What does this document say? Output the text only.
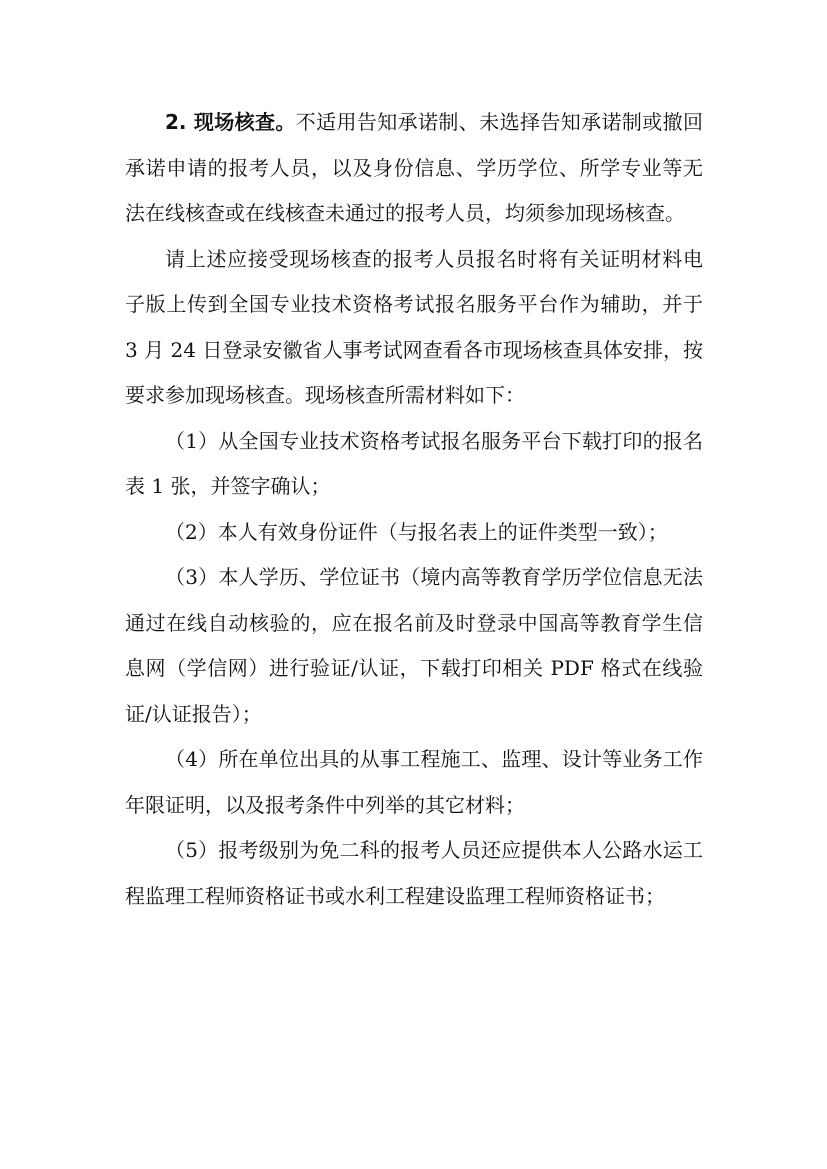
2. 现场核查。不适用告知承诺制、未选择告知承诺制或撤回承诺申请的报考人员，以及身份信息、学历学位、所学专业等无法在线核查或在线核查未通过的报考人员，均须参加现场核查。

请上述应接受现场核查的报考人员报名时将有关证明材料电子版上传到全国专业技术资格考试报名服务平台作为辅助，并于 3 月 24 日登录安徽省人事考试网查看各市现场核查具体安排，按要求参加现场核查。现场核查所需材料如下：

（1）从全国专业技术资格考试报名服务平台下载打印的报名表 1 张，并签字确认；

（2）本人有效身份证件（与报名表上的证件类型一致）；

（3）本人学历、学位证书（境内高等教育学历学位信息无法通过在线自动核验的，应在报名前及时登录中国高等教育学生信息网（学信网）进行验证/认证，下载打印相关 PDF 格式在线验证/认证报告）；

（4）所在单位出具的从事工程施工、监理、设计等业务工作年限证明，以及报考条件中列举的其它材料；

（5）报考级别为免二科的报考人员还应提供本人公路水运工程监理工程师资格证书或水利工程建设监理工程师资格证书；
